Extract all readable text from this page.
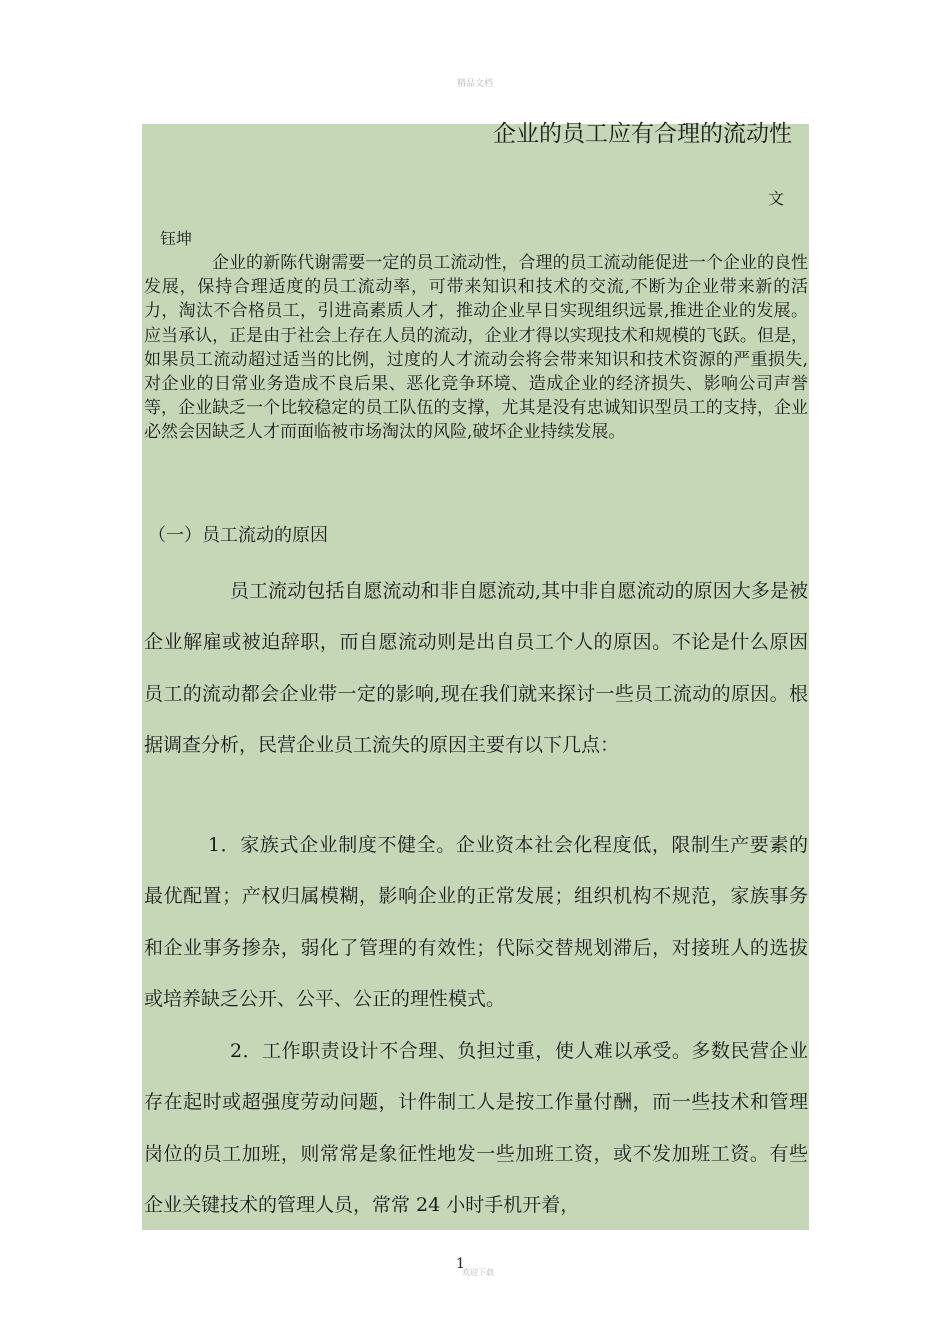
精品文档
企业的员工应有合理的流动性
文
钰坤

企业的新陈代谢需要一定的员工流动性，合理的员工流动能促进一个企业的良性发展，保持合理适度的员工流动率，可带来知识和技术的交流,不断为企业带来新的活力，淘汰不合格员工，引进高素质人才，推动企业早日实现组织远景,推进企业的发展。应当承认，正是由于社会上存在人员的流动，企业才得以实现技术和规模的飞跃。但是，如果员工流动超过适当的比例，过度的人才流动会将会带来知识和技术资源的严重损失,对企业的日常业务造成不良后果、恶化竞争环境、造成企业的经济损失、影响公司声誉等，企业缺乏一个比较稳定的员工队伍的支撑，尤其是没有忠诚知识型员工的支持，企业必然会因缺乏人才而面临被市场淘汰的风险,破坏企业持续发展。

（一）员工流动的原因

员工流动包括自愿流动和非自愿流动,其中非自愿流动的原因大多是被企业解雇或被迫辞职，而自愿流动则是出自员工个人的原因。不论是什么原因员工的流动都会企业带一定的影响,现在我们就来探讨一些员工流动的原因。根据调查分析，民营企业员工流失的原因主要有以下几点：

1．家族式企业制度不健全。企业资本社会化程度低，限制生产要素的最优配置；产权归属模糊，影响企业的正常发展；组织机构不规范，家族事务和企业事务掺杂，弱化了管理的有效性；代际交替规划滞后，对接班人的选拔或培养缺乏公开、公平、公正的理性模式。

2．工作职责设计不合理、负担过重，使人难以承受。多数民营企业存在起时或超强度劳动问题，计件制工人是按工作量付酬，而一些技术和管理岗位的员工加班，则常常是象征性地发一些加班工资，或不发加班工资。有些企业关键技术的管理人员，常常 24 小时手机开着，

1
欢迎下载
